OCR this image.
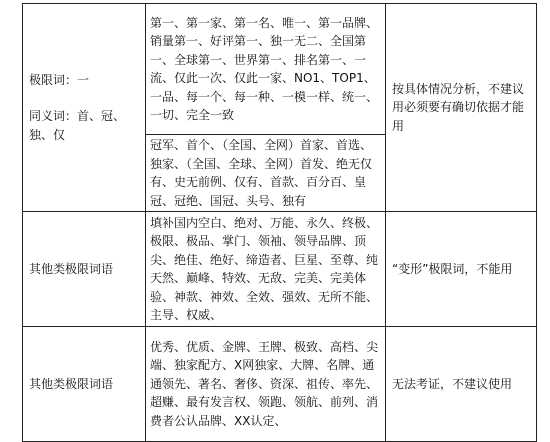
极限词：一
同义词：首、冠、独、仅	第一、第一家、第一名、唯一、第一品牌、销量第一、好评第一、独一无二、全国第一、全球第一、世界第一、排名第一、一流、仅此一次、仅此一家、NO1、TOP1、一品、每一个、每一种、一模一样、统一、一切、完全一致	按具体情况分析，不建议用必须要有确切依据才能用
	冠军、首个、（全国、全网）首家、首选、独家、（全国、全球、全网）首发、绝无仅有、史无前例、仅有、首款、百分百、皇冠、冠绝、国冠、头号、独有	
其他类极限词语	填补国内空白、绝对、万能、永久、终极、极限、极品、掌门、领袖、领导品牌、顶尖、绝佳、绝好、缔造者、巨星、至尊、纯天然、巅峰、特效、无敌、完美、完美体验、神款、神效、全效、强效、无所不能、主导、权威、	“变形”极限词，不能用
其他类极限词语	优秀、优质、金牌、王牌、极致、高档、尖端、独家配方、X网独家、大牌、名牌、通通领先、著名、奢侈、资深、祖传、率先、超赚、最有发言权、领跑、领航、前列、消费者公认品牌、XX认定、	无法考证，不建议使用
